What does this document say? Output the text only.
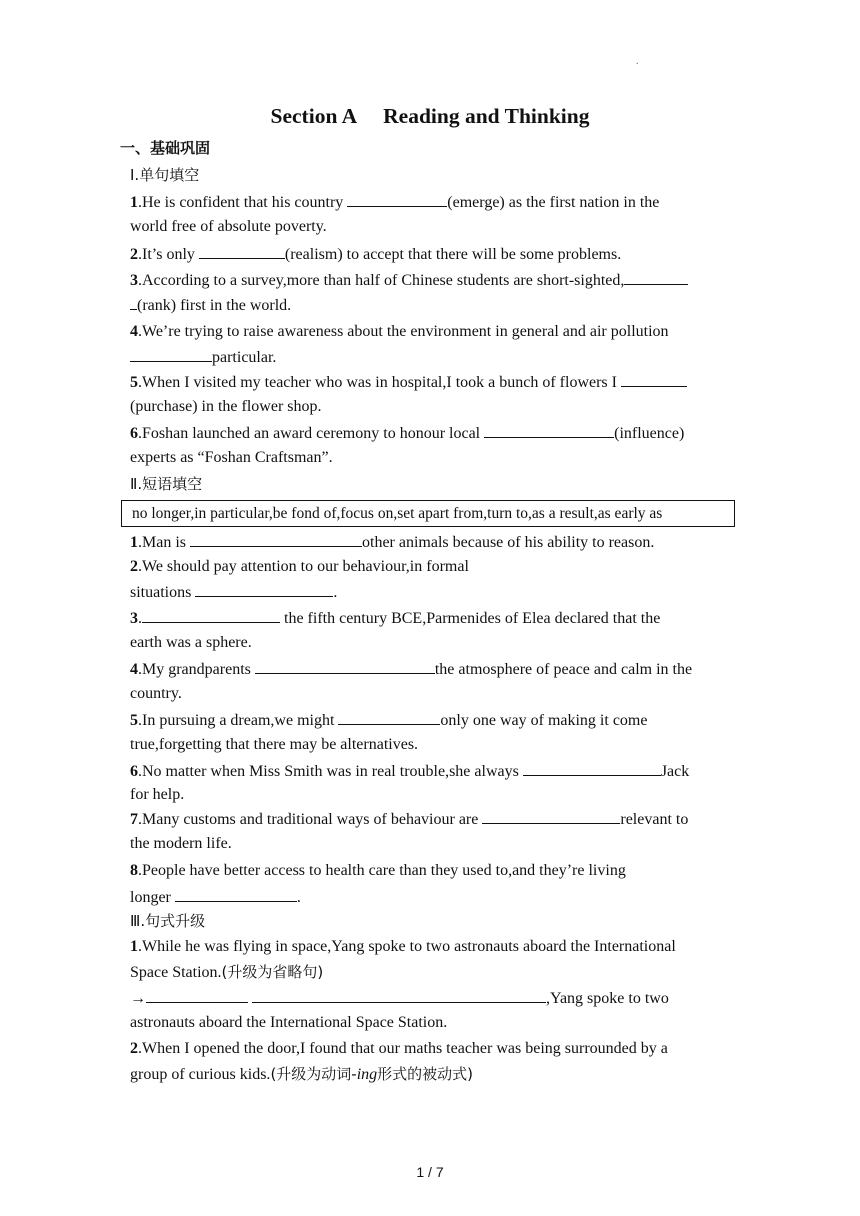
.
Section A Reading and Thinking
一、基础巩固
Ⅰ.单句填空
1.He is confident that his country	(emerge) as the first nation in the
world free of absolute poverty.
2.It’s only	(realism) to accept that there will be some problems.
3.According to a survey,more than half of Chinese students are short-sighted,
(rank) first in the world.
4.We’re trying to raise awareness about the environment in general and air pollution
particular.
5.When I visited my teacher who was in hospital,I took a bunch of flowers I
(purchase) in the flower shop.
6.Foshan launched an award ceremony to honour local	(influence)
experts as “Foshan Craftsman”.
Ⅱ.短语填空
no longer,in particular,be fond of,focus on,set apart from,turn to,as a result,as early as
1.Man is	other animals because of his ability to reason.
2.We should pay attention to our behaviour,in formal
situations	.
3.	the fifth century BCE,Parmenides of Elea declared that the
earth was a sphere.
4.My grandparents	the atmosphere of peace and calm in the
country.
5.In pursuing a dream,we might	only one way of making it come
true,forgetting that there may be alternatives.
6.No matter when Miss Smith was in real trouble,she always	Jack
for help.
7.Many customs and traditional ways of behaviour are	relevant to
the modern life.
8.People have better access to health care than they used to,and they’re living
longer	.
Ⅲ.句式升级
1.While he was flying in space,Yang spoke to two astronauts aboard the International
Space Station.(升级为省略句)
→	,Yang spoke to two
astronauts aboard the International Space Station.
2.When I opened the door,I found that our maths teacher was being surrounded by a
group of curious kids.(升级为动词-ing形式的被动式)
1 / 7
